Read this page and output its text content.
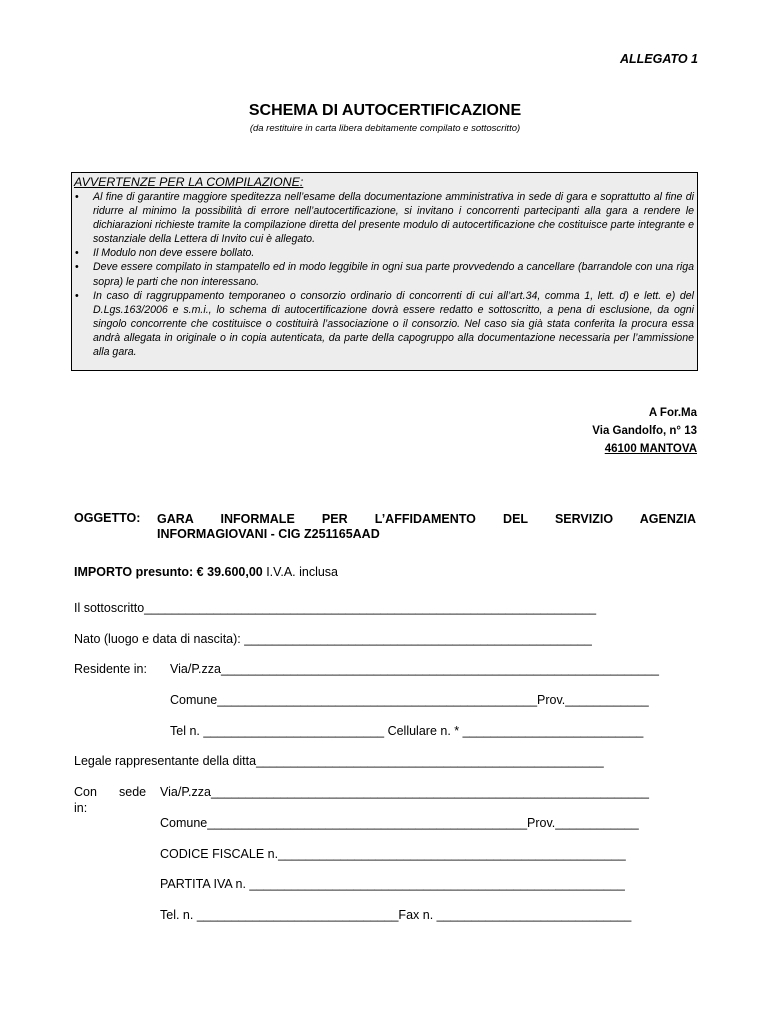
ALLEGATO 1
SCHEMA DI AUTOCERTIFICAZIONE
(da restituire in carta libera debitamente compilato e sottoscritto)
AVVERTENZE PER LA COMPILAZIONE:
• Al fine di garantire maggiore speditezza nell’esame della documentazione amministrativa in sede di gara e soprattutto al fine di ridurre al minimo la possibilità di errore nell’autocertificazione, si invitano i concorrenti partecipanti alla gara a rendere le dichiarazioni richieste tramite la compilazione diretta del presente modulo di autocertificazione che costituisce parte integrante e sostanziale della Lettera di Invito cui è allegato.
• Il Modulo non deve essere bollato.
• Deve essere compilato in stampatello ed in modo leggibile in ogni sua parte provvedendo a cancellare (barrandole con una riga sopra) le parti che non interessano.
• In caso di raggruppamento temporaneo o consorzio ordinario di concorrenti di cui all’art.34, comma 1, lett. d) e lett. e) del D.Lgs.163/2006 e s.m.i., lo schema di autocertificazione dovrà essere redatto e sottoscritto, a pena di esclusione, da ogni singolo concorrente che costituisce o costituirà l’associazione o il consorzio. Nel caso sia già stata conferita la procura essa andrà allegata in originale o in copia autenticata, da parte della capogruppo alla documentazione necessaria per l’ammissione alla gara.
A For.Ma
Via Gandolfo, n° 13
46100 MANTOVA
OGGETTO: GARA INFORMALE PER L’AFFIDAMENTO DEL SERVIZIO AGENZIA
INFORMAGIOVANI - CIG Z251165AAD
IMPORTO presunto: € 39.600,00 I.V.A. inclusa
Il sottoscritto_________________________________________________________________
Nato (luogo e data di nascita): __________________________________________________
Residente in: Via/P.zza_______________________________________________________________
Comune______________________________________________Prov.____________
Tel n. __________________________ Cellulare n. * __________________________
Legale rappresentante della ditta__________________________________________________
Con sede
in:
Via/P.zza_______________________________________________________________
Comune______________________________________________Prov.____________
CODICE FISCALE n.__________________________________________________
PARTITA IVA n. ______________________________________________________
Tel. n. _____________________________Fax n. ____________________________
